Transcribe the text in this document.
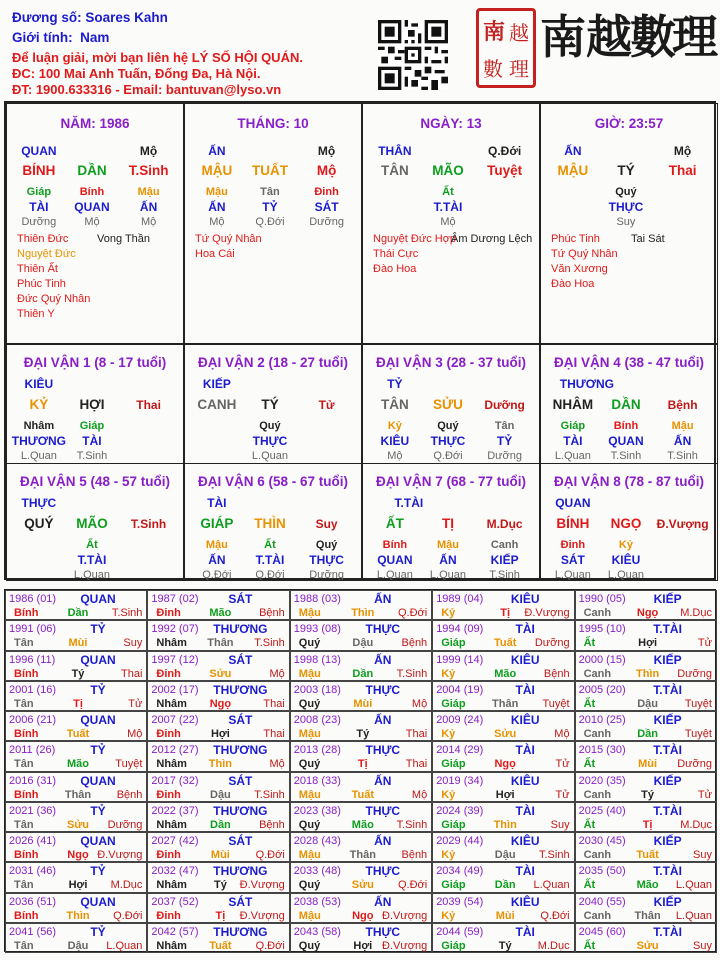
Đương số: Soares Kahn
Giới tính: Nam
Để luận giải, mời bạn liên hệ LÝ SỐ HỘI QUÁN.
ĐC: 100 Mai Anh Tuấn, Đống Đa, Hà Nội.
ĐT: 1900.633316 - Email: bantuvan@lyso.vn
南 越
數 理
南 越
數
理
NĂM: 1986
QUAN	Mộ
BÍNH DẦN T.Sinh
Giáp
TÀI
Dưỡng
Bính
QUAN
Mộ
Mậu
ẤN
Mộ
Thiên Đức
Nguyệt Đức
Thiên Ất
Phúc Tinh
Đức Quý Nhân
Thiên Y
Vong Thần
THÁNG: 10
ẤN	Mộ
MẬU TUẤT Mộ
Mậu
ẤN
Mộ
Tân
TỶ
Q.Đới
Đinh
SÁT
Dưỡng
Tứ Quý Nhân
Hoa Cái
NGÀY: 13
THÂN	Q.Đới
TÂN MÃO Tuyệt
Ất
T.TÀI
Mộ
Nguyệt Đức Hợp
Thái Cực
Đào Hoa
Âm Dương Lệch
GIỜ: 23:57
ẤN	Mộ
MẬU TÝ	Thai
Quý
THỰC
Suy
Phúc Tinh
Tứ Quý Nhân
Văn Xương
Đào Hoa
Tai Sát
ĐẠI VẬN 1 (8 - 17 tuổi)
KIÊU
KỶ HỢI	Thai
Nhâm
THƯƠNG
L.Quan
Giáp
TÀI
T.Sinh
ĐẠI VẬN 2 (18 - 27 tuổi)
KIẾP
CANH TÝ	Tử
Quý
THỰC
L.Quan
ĐẠI VẬN 3 (28 - 37 tuổi)
TỶ
TÂN SỬU Dưỡng
Kỷ
KIÊU
Mộ
Quý
THỰC
Q.Đới
Tân
TỶ
Dưỡng
ĐẠI VẬN 4 (38 - 47 tuổi)
THƯƠNG
NHÂM DẦN Bệnh
Giáp
TÀI
L.Quan
Bính
QUAN
T.Sinh
Mậu
ẤN
T.Sinh
ĐẠI VẬN 5 (48 - 57 tuổi)
THỰC
QUÝ MÃO T.Sinh
Ất
T.TÀI
L.Quan
ĐẠI VẬN 6 (58 - 67 tuổi)
TÀI
GIÁP THÌN Suy
Mậu
ẤN
Q.Đới
Ất
T.TÀI
Q.Đới
Quý
THỰC
Dưỡng
ĐẠI VẬN 7 (68 - 77 tuổi)
T.TÀI
ẤT	TỊ	M.Dục
Bính
QUAN
L.Quan
Mậu
ẤN
L.Quan
Canh
KIẾP
T.Sinh
ĐẠI VẬN 8 (78 - 87 tuổi)
QUAN
BÍNH NGỌ Đ.Vượng
Đinh
SÁT
L.Quan
Kỷ
KIÊU
L.Quan
1986 (01) QUAN
Bính	Dần T.Sinh
1987 (02) SÁT
Đinh	Mão	Bệnh
1988 (03)	ẤN
Mậu	Thìn Q.Đới
1989 (04) KIÊU
Kỷ	Tị Đ.Vượng
1990 (05) KIẾP
Canh Ngọ M.Dục
1991 (06)	TỶ
Tân	Mùi	Suy
1992 (07) THƯƠNG
Nhâm Thân T.Sinh
1993 (08) THỰC
Quý	Dậu	Bệnh
1994 (09)	TÀI
Giáp	Tuất Dưỡng
1995 (10) T.TÀI
Ất	Hợi	Tử
1996 (11) QUAN
Bính	Tý	Thai
1997 (12) SÁT
Đinh	Sửu	Mộ
1998 (13)	ẤN
Mậu	Dần T.Sinh
1999 (14) KIÊU
Kỷ	Mão	Bệnh
2000 (15) KIẾP
Canh Thìn Dưỡng
2001 (16)	TỶ
Tân	Tị	Tử
2002 (17) THƯƠNG
Nhâm Ngọ	Thai
2003 (18) THỰC
Quý	Mùi	Mộ
2004 (19)	TÀI
Giáp Thân Tuyệt
2005 (20) T.TÀI
Ất	Dậu Tuyệt
2006 (21) QUAN
Bính	Tuất	Mộ
2007 (22) SÁT
Đinh	Hợi	Thai
2008 (23)	ẤN
Mậu	Tý	Thai
2009 (24) KIÊU
Kỷ	Sửu	Mộ
2010 (25) KIẾP
Canh Dần Tuyệt
2011 (26)	TỶ
Tân	Mão Tuyệt
2012 (27) THƯƠNG
Nhâm Thìn	Mộ
2013 (28) THỰC
Quý	Tị	Thai
2014 (29)	TÀI
Giáp	Ngọ	Tử
2015 (30) T.TÀI
Ất	Mùi Dưỡng
2016 (31) QUAN
Bính Thân Bệnh
2017 (32) SÁT
Đinh	Dậu T.Sinh
2018 (33)	ẤN
Mậu	Tuất	Mộ
2019 (34) KIÊU
Kỷ	Hợi	Tử
2020 (35) KIẾP
Canh	Tý	Tử
2021 (36)	TỶ
Tân	Sửu Dưỡng
2022 (37) THƯƠNG
Nhâm Dần	Bệnh
2023 (38) THỰC
Quý	Mão T.Sinh
2024 (39)	TÀI
Giáp	Thìn	Suy
2025 (40) T.TÀI
Ất	Tị	M.Dục
2026 (41) QUAN
Bính	Ngọ Đ.Vượng
2027 (42) SÁT
Đinh	Mùi Q.Đới
2028 (43)	ẤN
Mậu	Thân Bệnh
2029 (44) KIÊU
Kỷ	Dậu T.Sinh
2030 (45) KIẾP
Canh Tuất	Suy
2031 (46)	TỶ
Tân	Hợi M.Dục
2032 (47) THƯƠNG
Nhâm Tý Đ.Vượng
2033 (48) THỰC
Quý	Sửu Q.Đới
2034 (49)	TÀI
Giáp	Dần L.Quan
2035 (50) T.TÀI
Ất	Mão L.Quan
2036 (51) QUAN
Bính	Thìn Q.Đới
2037 (52) SÁT
Đinh	Tị Đ.Vượng
2038 (53)	ẤN
Mậu	Ngọ Đ.Vượng
2039 (54) KIÊU
Kỷ	Mùi Q.Đới
2040 (55) KIẾP
Canh Thân L.Quan
2041 (56)	TỶ
Tân	Dậu L.Quan
2042 (57) THƯƠNG
Nhâm Tuất Q.Đới
2043 (58) THỰC
Quý	Hợi Đ.Vượng
2044 (59)	TÀI
Giáp	Tý M.Dục
2045 (60) T.TÀI
Ất	Sửu	Suy
